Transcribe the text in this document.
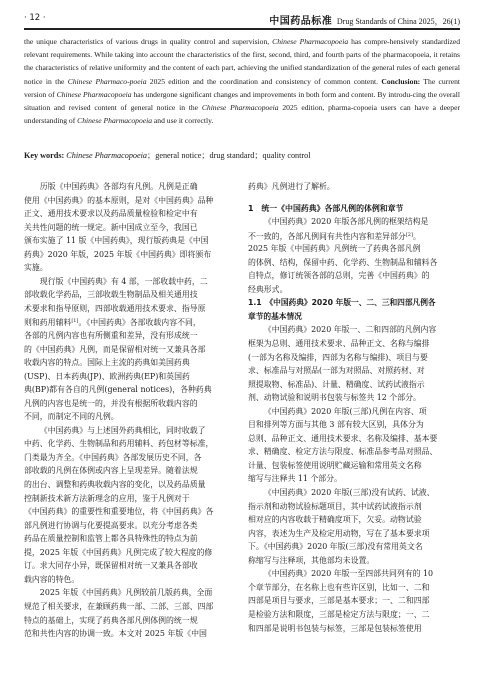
· 12 ·	中国药品标准 Drug Standards of China 2025，26(1)
the unique characteristics of various drugs in quality control and supervision, Chinese Pharmacopoeia has compre-hensively standardized relevant requirements. While taking into account the characteristics of the first, second, third, and fourth parts of the pharmacopoeia, it retains the characteristics of relative uniformity and the content of each part, achieving the unified standardization of the general rules of each general notice in the Chinese Pharmaco-poeia 2025 edition and the coordination and consistency of common content. Conclusion: The current version of Chinese Pharmacopoeia has undergone significant changes and improvements in both form and content. By introdu-cing the overall situation and revised content of general notice in the Chinese Pharmacopoeia 2025 edition, pharma-copoeia users can have a deeper understanding of Chinese Pharmacopoeia and use it correctly.
Key words: Chinese Pharmacopoeia；general notice；drug standard；quality control
历版《中国药典》各部均有凡例。凡例是正确
使用《中国药典》的基本原则，是对《中国药典》品种
正文、通用技术要求以及药品质量检验和检定中有
关共性问题的统一规定。新中国成立至今，我国已
颁布实施了 11 版《中国药典》，现行版药典是《中国
药典》2020 年版，2025 年版《中国药典》即将颁布
实施。
现行版《中国药典》有 4 部，一部收载中药，二
部收载化学药品，三部收载生物制品及相关通用技
术要求和指导原则，四部收载通用技术要求、指导原
则和药用辅料[1]。《中国药典》各部收载内容不同，
各部的凡例内容也有所侧重和差异，没有形成统一
的《中国药典》凡例，而是保留相对统一又兼具各部
收载内容的特点。国际上主流的药典如美国药典
(USP)、日本药典(JP)、欧洲药典(EP)和英国药
典(BP)都有各自的凡例(general notices)，各种药典
凡例的内容也是统一的，并没有根据所收载内容的
不同，而制定不同的凡例。
《中国药典》与上述国外药典相比，同时收载了
中药、化学药、生物制品和药用辅料、药包材等标准，
门类最为齐全。《中国药典》各部发展历史不同，各
部收载的凡例在体例或内容上呈现差异。随着法规
的出台、调整和药典收载内容的变化，以及药品质量
控制新技术新方法新理念的应用，鉴于凡例对于
《中国药典》的重要性和重要地位，将《中国药典》各
部凡例进行协调与化要提高要求。以充分考虑各类
药品在质量控制和监管上都各具特殊性的特点为前
提，2025 年版《中国药典》凡例完成了较大程度的修
订。求大同存小异，既保留相对统一又兼具各部收
载内容的特色。
2025 年版《中国药典》凡例较前几版药典，全面
规范了相关要求，在兼顾药典一部、二部、三部、四部
特点的基础上，实现了药典各部凡例体例的统一规
范和共性内容的协调一致。本文对 2025 年版《中国
药典》凡例进行了解析。
1　统一《中国药典》各部凡例的体例和章节
《中国药典》2020 年版各部凡例的框架结构是
不一致的，各部凡例间有共性内容和差异部分[2]。
2025 年版《中国药典》凡例统一了药典各部凡例
的体例、结构，保留中药、化学药、生物制品和辅料各
自特点，修订统领各部的总则，完善《中国药典》的
经典形式。
1.1　《中国药典》2020 年版一、二、三和四部凡例各
章节的基本情况
《中国药典》2020 年版一、二和四部的凡例内容
框架为总则、通用技术要求、品种正文、名称与编排
(一部为名称及编排，四部为名称与编排)、项目与要
求、标准品与对照品(一部为对照品、对照药材、对
照提取物、标准品)、计量、精确度、试药试液指示
剂、动物试验和说明书包装与标签共 12 个部分。
《中国药典》2020 年版(三部)凡例在内容、项
目和排列等方面与其他 3 部有较大区别，具体分为
总则、品种正文、通用技术要求、名称及编排、基本要
求、精确度、检定方法与限度、标准品参考品对照品、
计量、包装标签使用说明贮藏运输和常用英文名称
缩写与注释共 11 个部分。
《中国药典》2020 年版(三部)没有试药、试液、
指示剂和动物试验标题项目，其中试药试液指示剂
相对应的内容收载于精确度项下，欠妥。动物试验
内容，表述为生产及检定用动物，写在了基本要求项
下。《中国药典》2020 年版(三部)没有常用英文名
称缩写与注释项，其他部均未设置。
《中国药典》2020 年版一至四部共同列有的 10
个章节部分，在名称上也有些许区别，比如一、二和
四部是项目与要求，三部是基本要求；一、二和四部
是检验方法和限度，三部是检定方法与限度；一、二
和四部是说明书包装与标签，三部是包装标签使用
